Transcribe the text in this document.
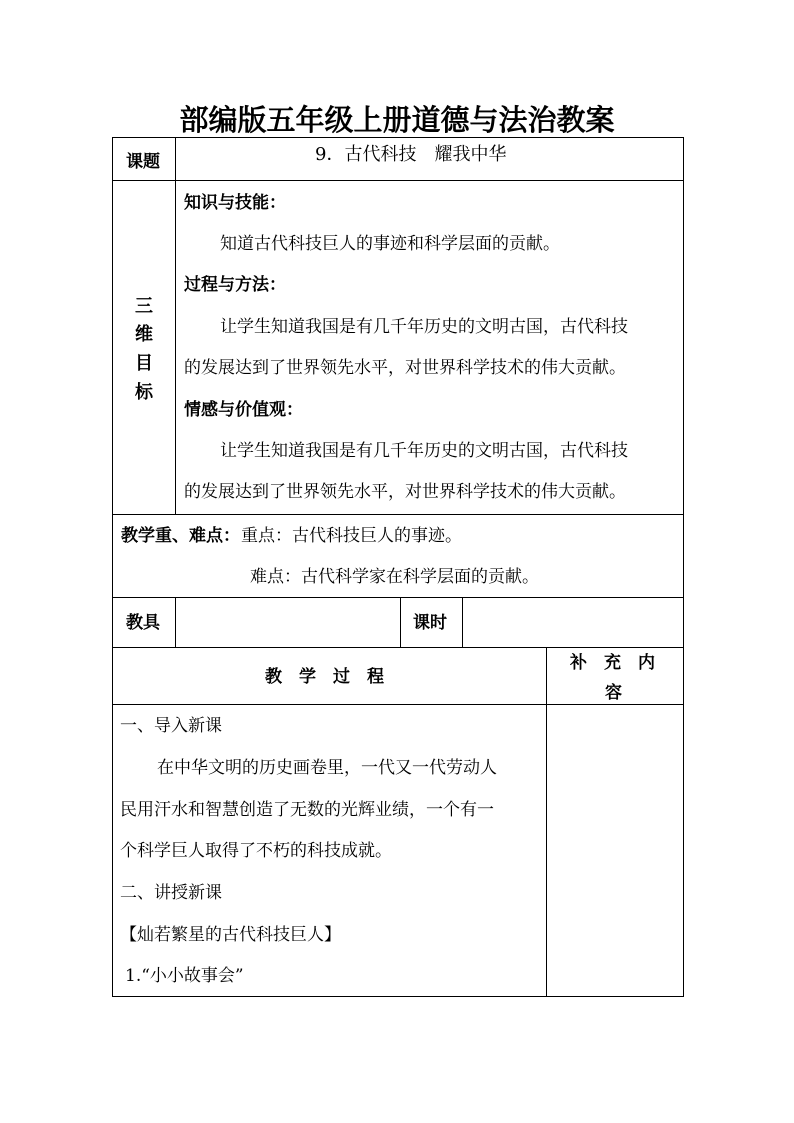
部编版五年级上册道德与法治教案
课题	9．古代科技　耀我中华
三
维
目
标
知识与技能：
知道古代科技巨人的事迹和科学层面的贡献。
过程与方法：
让学生知道我国是有几千年历史的文明古国，古代科技
的发展达到了世界领先水平，对世界科学技术的伟大贡献。
情感与价值观：
让学生知道我国是有几千年历史的文明古国，古代科技
的发展达到了世界领先水平，对世界科学技术的伟大贡献。
教学重、难点： 重点：古代科技巨人的事迹。
难点：古代科学家在科学层面的贡献。
教具	课时
教　学　过　程
补　充　内
容
一、导入新课
在中华文明的历史画卷里，一代又一代劳动人
民用汗水和智慧创造了无数的光辉业绩，一个有一
个科学巨人取得了不朽的科技成就。
二、讲授新课
【灿若繁星的古代科技巨人】
1.“小小故事会”
